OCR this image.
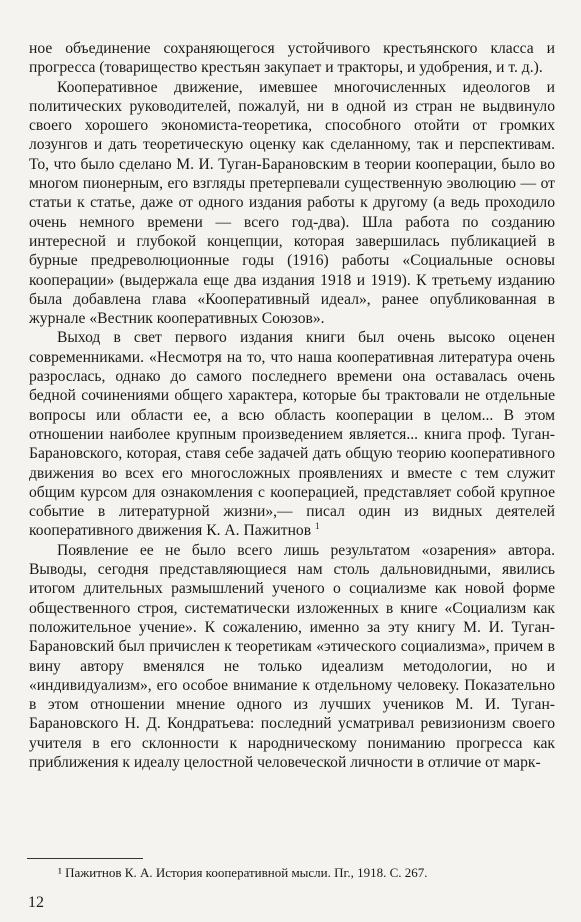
ное объединение сохраняющегося устойчивого крестьянского класса и прогресса (товарищество крестьян закупает и тракторы, и удобрения, и т. д.).

Кооперативное движение, имевшее многочисленных идеологов и политических руководителей, пожалуй, ни в одной из стран не выдвинуло своего хорошего экономиста-теоретика, способного отойти от громких лозунгов и дать теоретическую оценку как сделанному, так и перспективам. То, что было сделано М. И. Туган-Барановским в теории кооперации, было во многом пионерным, его взгляды претерпевали существенную эволюцию — от статьи к статье, даже от одного издания работы к другому (а ведь проходило очень немного времени — всего год-два). Шла работа по созданию интересной и глубокой концепции, которая завершилась публикацией в бурные предреволюционные годы (1916) работы «Социальные основы кооперации» (выдержала еще два издания 1918 и 1919). К третьему изданию была добавлена глава «Кооперативный идеал», ранее опубликованная в журнале «Вестник кооперативных Союзов».

Выход в свет первого издания книги был очень высоко оценен современниками. «Несмотря на то, что наша кооперативная литература очень разрослась, однако до самого последнего времени она оставалась очень бедной сочинениями общего характера, которые бы трактовали не отдельные вопросы или области ее, а всю область кооперации в целом... В этом отношении наиболее крупным произведением является... книга проф. Туган-Барановского, которая, ставя себе задачей дать общую теорию кооперативного движения во всех его многосложных проявлениях и вместе с тем служит общим курсом для ознакомления с кооперацией, представляет собой крупное событие в литературной жизни»,— писал один из видных деятелей кооперативного движения К. А. Пажитнов $^1$

Появление ее не было всего лишь результатом «озарения» автора. Выводы, сегодня представляющиеся нам столь дальновидными, явились итогом длительных размышлений ученого о социализме как новой форме общественного строя, систематически изложенных в книге «Социализм как положительное учение». К сожалению, именно за эту книгу М. И. Туган-Барановский был причислен к теоретикам «этического социализма», причем в вину автору вменялся не только идеализм методологии, но и «индивидуализм», его особое внимание к отдельному человеку. Показательно в этом отношении мнение одного из лучших учеников М. И. Туган-Барановского Н. Д. Кондратьева: последний усматривал ревизионизм своего учителя в его склонности к народническому пониманию прогресса как приближения к идеалу целостной человеческой личности в отличие от марк-

¹ Пажитнов К. А. История кооперативной мысли. Пг., 1918. С. 267.
12
